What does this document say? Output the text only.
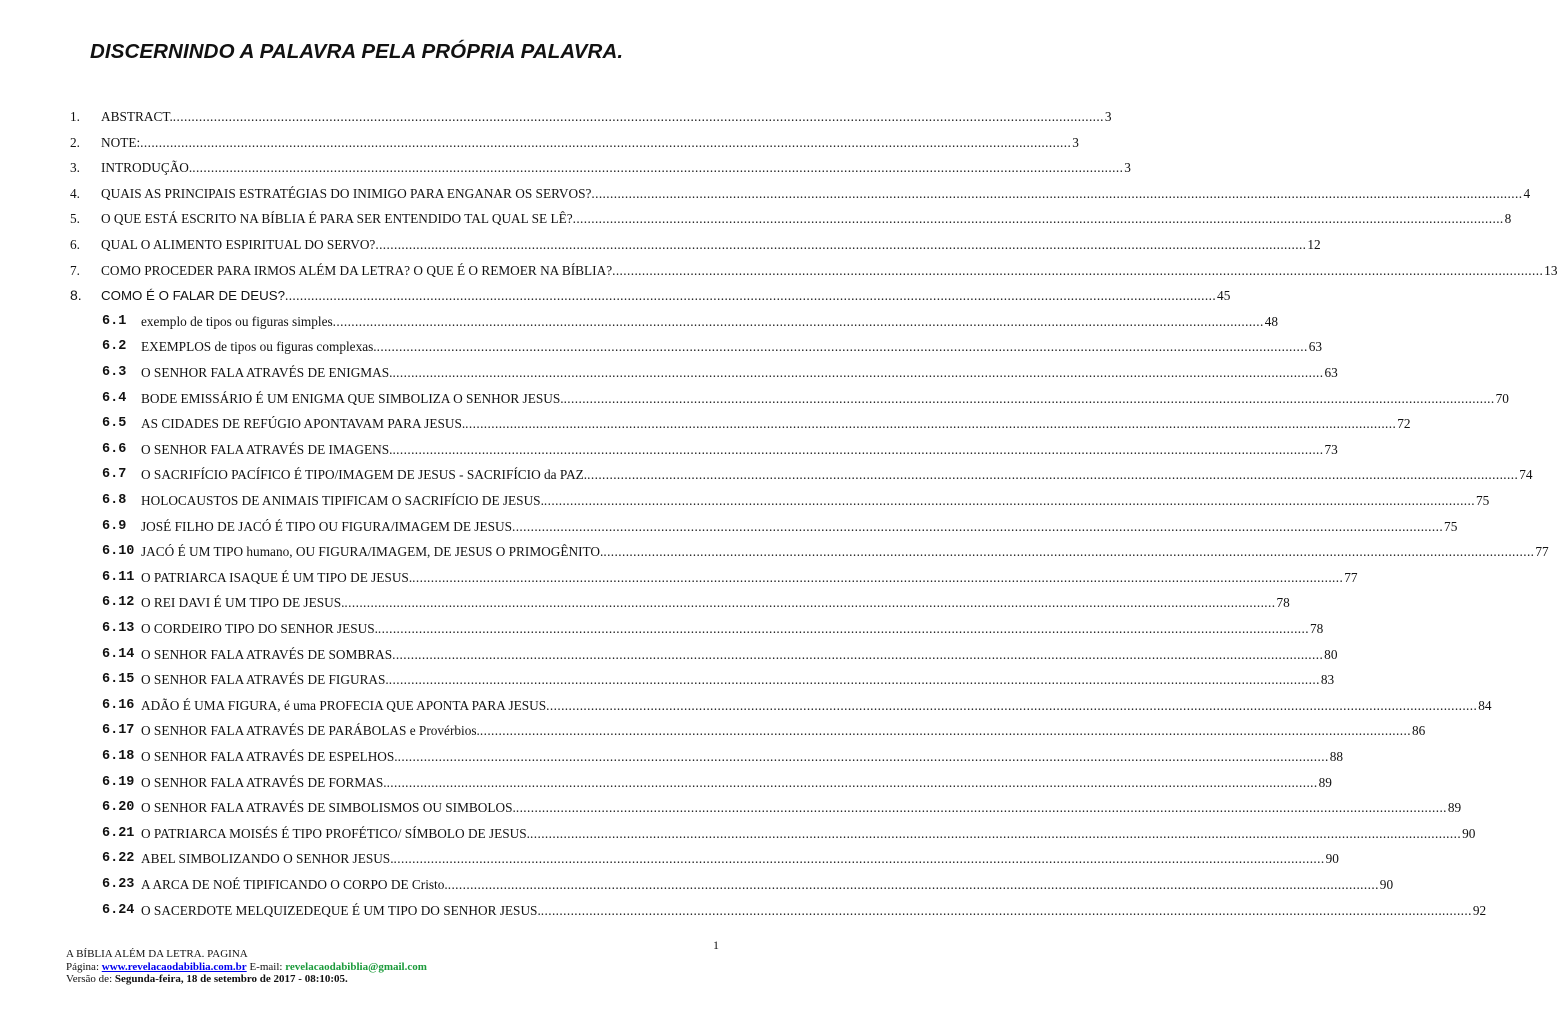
DISCERNINDO A PALAVRA PELA PRÓPRIA PALAVRA.
1. ABSTRACT. .......................................................................................................................................................................................................................................................... 3
2. NOTE: .......................................................................................................................................................................................................................................................... 3
3. INTRODUÇÃO. .......................................................................................................................................................................................................................................................... 3
4. QUAIS AS PRINCIPAIS ESTRATÉGIAS DO INIMIGO PARA ENGANAR OS SERVOS? .......................................................................................................................................................................................................................................................... 4
5. O QUE ESTÁ ESCRITO NA BÍBLIA É PARA SER ENTENDIDO TAL QUAL SE LÊ? .......................................................................................................................................................................................................................................................... 8
6. QUAL O ALIMENTO ESPIRITUAL DO SERVO? .......................................................................................................................................................................................................................................................... 12
7. COMO PROCEDER PARA IRMOS ALÉM DA LETRA? O QUE É O REMOER NA BÍBLIA? .......................................................................................................................................................................................................................................................... 13
8. COMO É O FALAR DE DEUS? .......................................................................................................................................................................................................................................................... 45
6.1 exemplo de tipos ou figuras simples .......................................................................................................................................................................................................................................................... 48
6.2 EXEMPLOS de tipos ou figuras complexas. .......................................................................................................................................................................................................................................................... 63
6.3 O SENHOR FALA ATRAVÉS DE ENIGMAS. .......................................................................................................................................................................................................................................................... 63
6.4 BODE EMISSÁRIO É UM ENIGMA QUE SIMBOLIZA O SENHOR JESUS. .......................................................................................................................................................................................................................................................... 70
6.5 AS CIDADES DE REFÚGIO APONTAVAM PARA JESUS. .......................................................................................................................................................................................................................................................... 72
6.6 O SENHOR FALA ATRAVÉS DE IMAGENS. .......................................................................................................................................................................................................................................................... 73
6.7 O SACRIFÍCIO PACÍFICO É TIPO/IMAGEM DE JESUS - SACRIFÍCIO da PAZ. .......................................................................................................................................................................................................................................................... 74
6.8 HOLOCAUSTOS DE ANIMAIS TIPIFICAM O SACRIFÍCIO DE JESUS. .......................................................................................................................................................................................................................................................... 75
6.9 JOSÉ FILHO DE JACÓ É TIPO OU FIGURA/IMAGEM DE JESUS .......................................................................................................................................................................................................................................................... 75
6.10 JACÓ É UM TIPO humano, OU FIGURA/IMAGEM, DE JESUS O PRIMOGÊNITO. .......................................................................................................................................................................................................................................................... 77
6.11 O PATRIARCA ISAQUE É UM TIPO DE JESUS. .......................................................................................................................................................................................................................................................... 77
6.12 O REI DAVI É UM TIPO DE JESUS. .......................................................................................................................................................................................................................................................... 78
6.13 O CORDEIRO TIPO DO SENHOR JESUS. .......................................................................................................................................................................................................................................................... 78
6.14 O SENHOR FALA ATRAVÉS DE SOMBRAS .......................................................................................................................................................................................................................................................... 80
6.15 O SENHOR FALA ATRAVÉS DE FIGURAS. .......................................................................................................................................................................................................................................................... 83
6.16 ADÃO É UMA FIGURA, é uma PROFECIA QUE APONTA PARA JESUS .......................................................................................................................................................................................................................................................... 84
6.17 O SENHOR FALA ATRAVÉS DE PARÁBOLAS e Provérbios. .......................................................................................................................................................................................................................................................... 86
6.18 O SENHOR FALA ATRAVÉS DE ESPELHOS. .......................................................................................................................................................................................................................................................... 88
6.19 O SENHOR FALA ATRAVÉS DE FORMAS. .......................................................................................................................................................................................................................................................... 89
6.20 O SENHOR FALA ATRAVÉS DE SIMBOLISMOS OU SIMBOLOS. .......................................................................................................................................................................................................................................................... 89
6.21 O PATRIARCA MOISÉS É TIPO PROFÉTICO/ SÍMBOLO DE JESUS. .......................................................................................................................................................................................................................................................... 90
6.22 ABEL SIMBOLIZANDO O SENHOR JESUS. .......................................................................................................................................................................................................................................................... 90
6.23 A ARCA DE NOÉ TIPIFICANDO O CORPO DE Cristo. .......................................................................................................................................................................................................................................................... 90
6.24 O SACERDOTE MELQUIZEDEQUE É UM TIPO DO SENHOR JESUS. .......................................................................................................................................................................................................................................................... 92
1
A BÍBLIA ALÉM DA LETRA. PAGINA
Página: www.revelacaodabiblia.com.br E-mail: revelacaodabiblia@gmail.com
Versão de: Segunda-feira, 18 de setembro de 2017 - 08:10:05.
